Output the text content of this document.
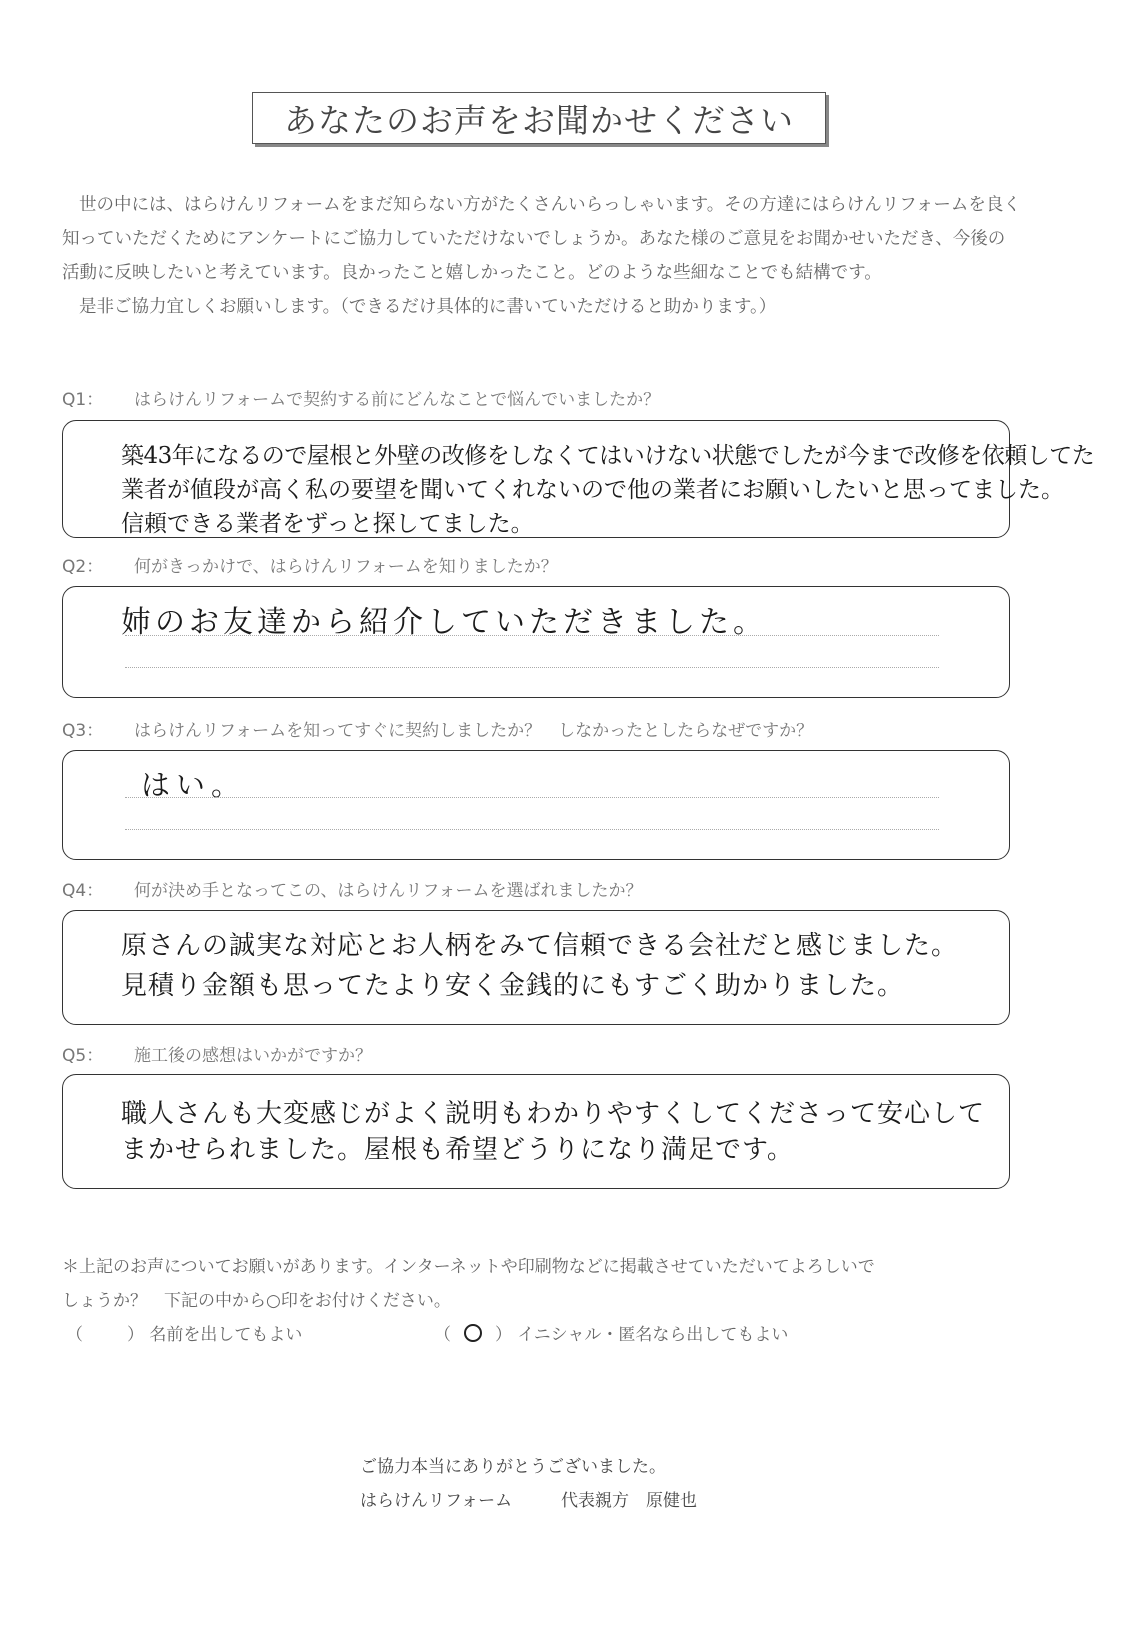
あなたのお声をお聞かせください

世の中には、はらけんリフォームをまだ知らない方がたくさんいらっしゃいます。その方達にはらけんリフォームを良く知っていただくためにアンケートにご協力していただけないでしょうか。あなた様のご意見をお聞かせいただき、今後の活動に反映したいと考えています。良かったこと嬉しかったこと。どのような些細なことでも結構です。

是非ご協力宜しくお願いします。（できるだけ具体的に書いていただけると助かります。）

Q1： はらけんリフォームで契約する前にどんなことで悩んでいましたか？
築43年になるので屋根と外壁の改修をしなくてはいけない状態でしたが今まで改修を依頼してた
業者が値段が高く私の要望を聞いてくれないので他の業者にお願いしたいと思ってました。
信頼できる業者をずっと探してました。
Q2： 何がきっかけで、はらけんリフォームを知りましたか？
姉のお友達から紹介していただきました。
Q3： はらけんリフォームを知ってすぐに契約しましたか？　しなかったとしたらなぜですか？
はい。
Q4： 何が決め手となってこの、はらけんリフォームを選ばれましたか？
原さんの誠実な対応とお人柄をみて信頼できる会社だと感じました。
見積り金額も思ってたより安く金銭的にもすごく助かりました。
Q5： 施工後の感想はいかがですか？
職人さんも大変感じがよく説明もわかりやすくしてくださって安心して
まかせられました。屋根も希望どうりになり満足です。
＊上記のお声についてお願いがあります。インターネットや印刷物などに掲載させていただいてよろしいで
しょうか？　下記の中から○印をお付けください。
（	） 名前を出してもよい	（	） イニシャル・匿名なら出してもよい
ご協力本当にありがとうございました。
はらけんリフォーム	代表親方　原健也
